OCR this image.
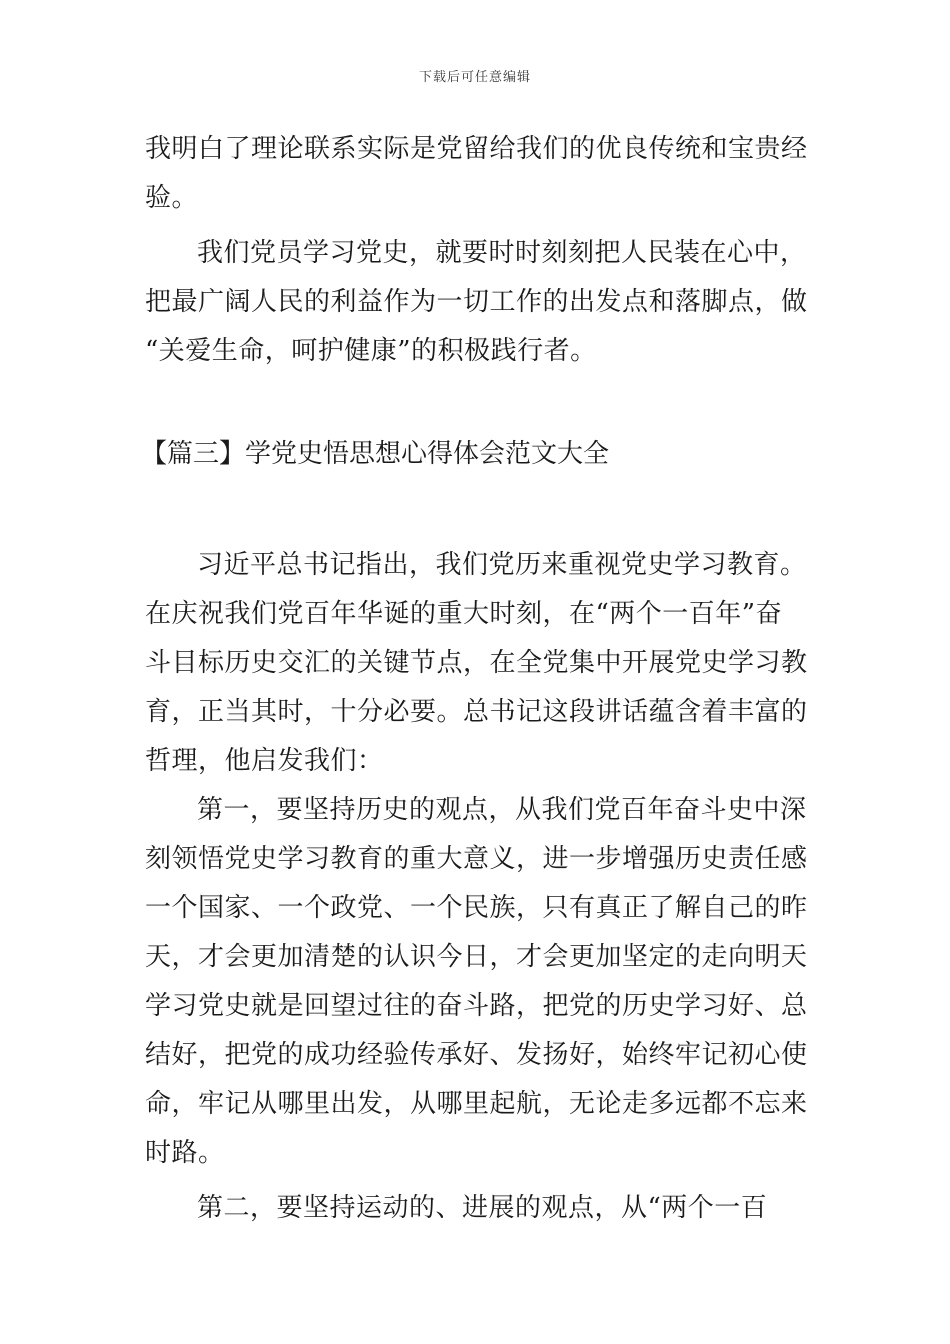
下载后可任意编辑
我明白了理论联系实际是党留给我们的优良传统和宝贵经
验。
我们党员学习党史，就要时时刻刻把人民装在心中，
把最广阔人民的利益作为一切工作的出发点和落脚点，做
“关爱生命，呵护健康”的积极践行者。
【篇三】学党史悟思想心得体会范文大全
习近平总书记指出，我们党历来重视党史学习教育。
在庆祝我们党百年华诞的重大时刻，在“两个一百年”奋
斗目标历史交汇的关键节点，在全党集中开展党史学习教
育，正当其时，十分必要。总书记这段讲话蕴含着丰富的
哲理，他启发我们：
第一，要坚持历史的观点，从我们党百年奋斗史中深
刻领悟党史学习教育的重大意义，进一步增强历史责任感
一个国家、一个政党、一个民族，只有真正了解自己的昨
天，才会更加清楚的认识今日，才会更加坚定的走向明天
学习党史就是回望过往的奋斗路，把党的历史学习好、总
结好，把党的成功经验传承好、发扬好，始终牢记初心使
命，牢记从哪里出发，从哪里起航，无论走多远都不忘来
时路。
第二，要坚持运动的、进展的观点，从“两个一百
